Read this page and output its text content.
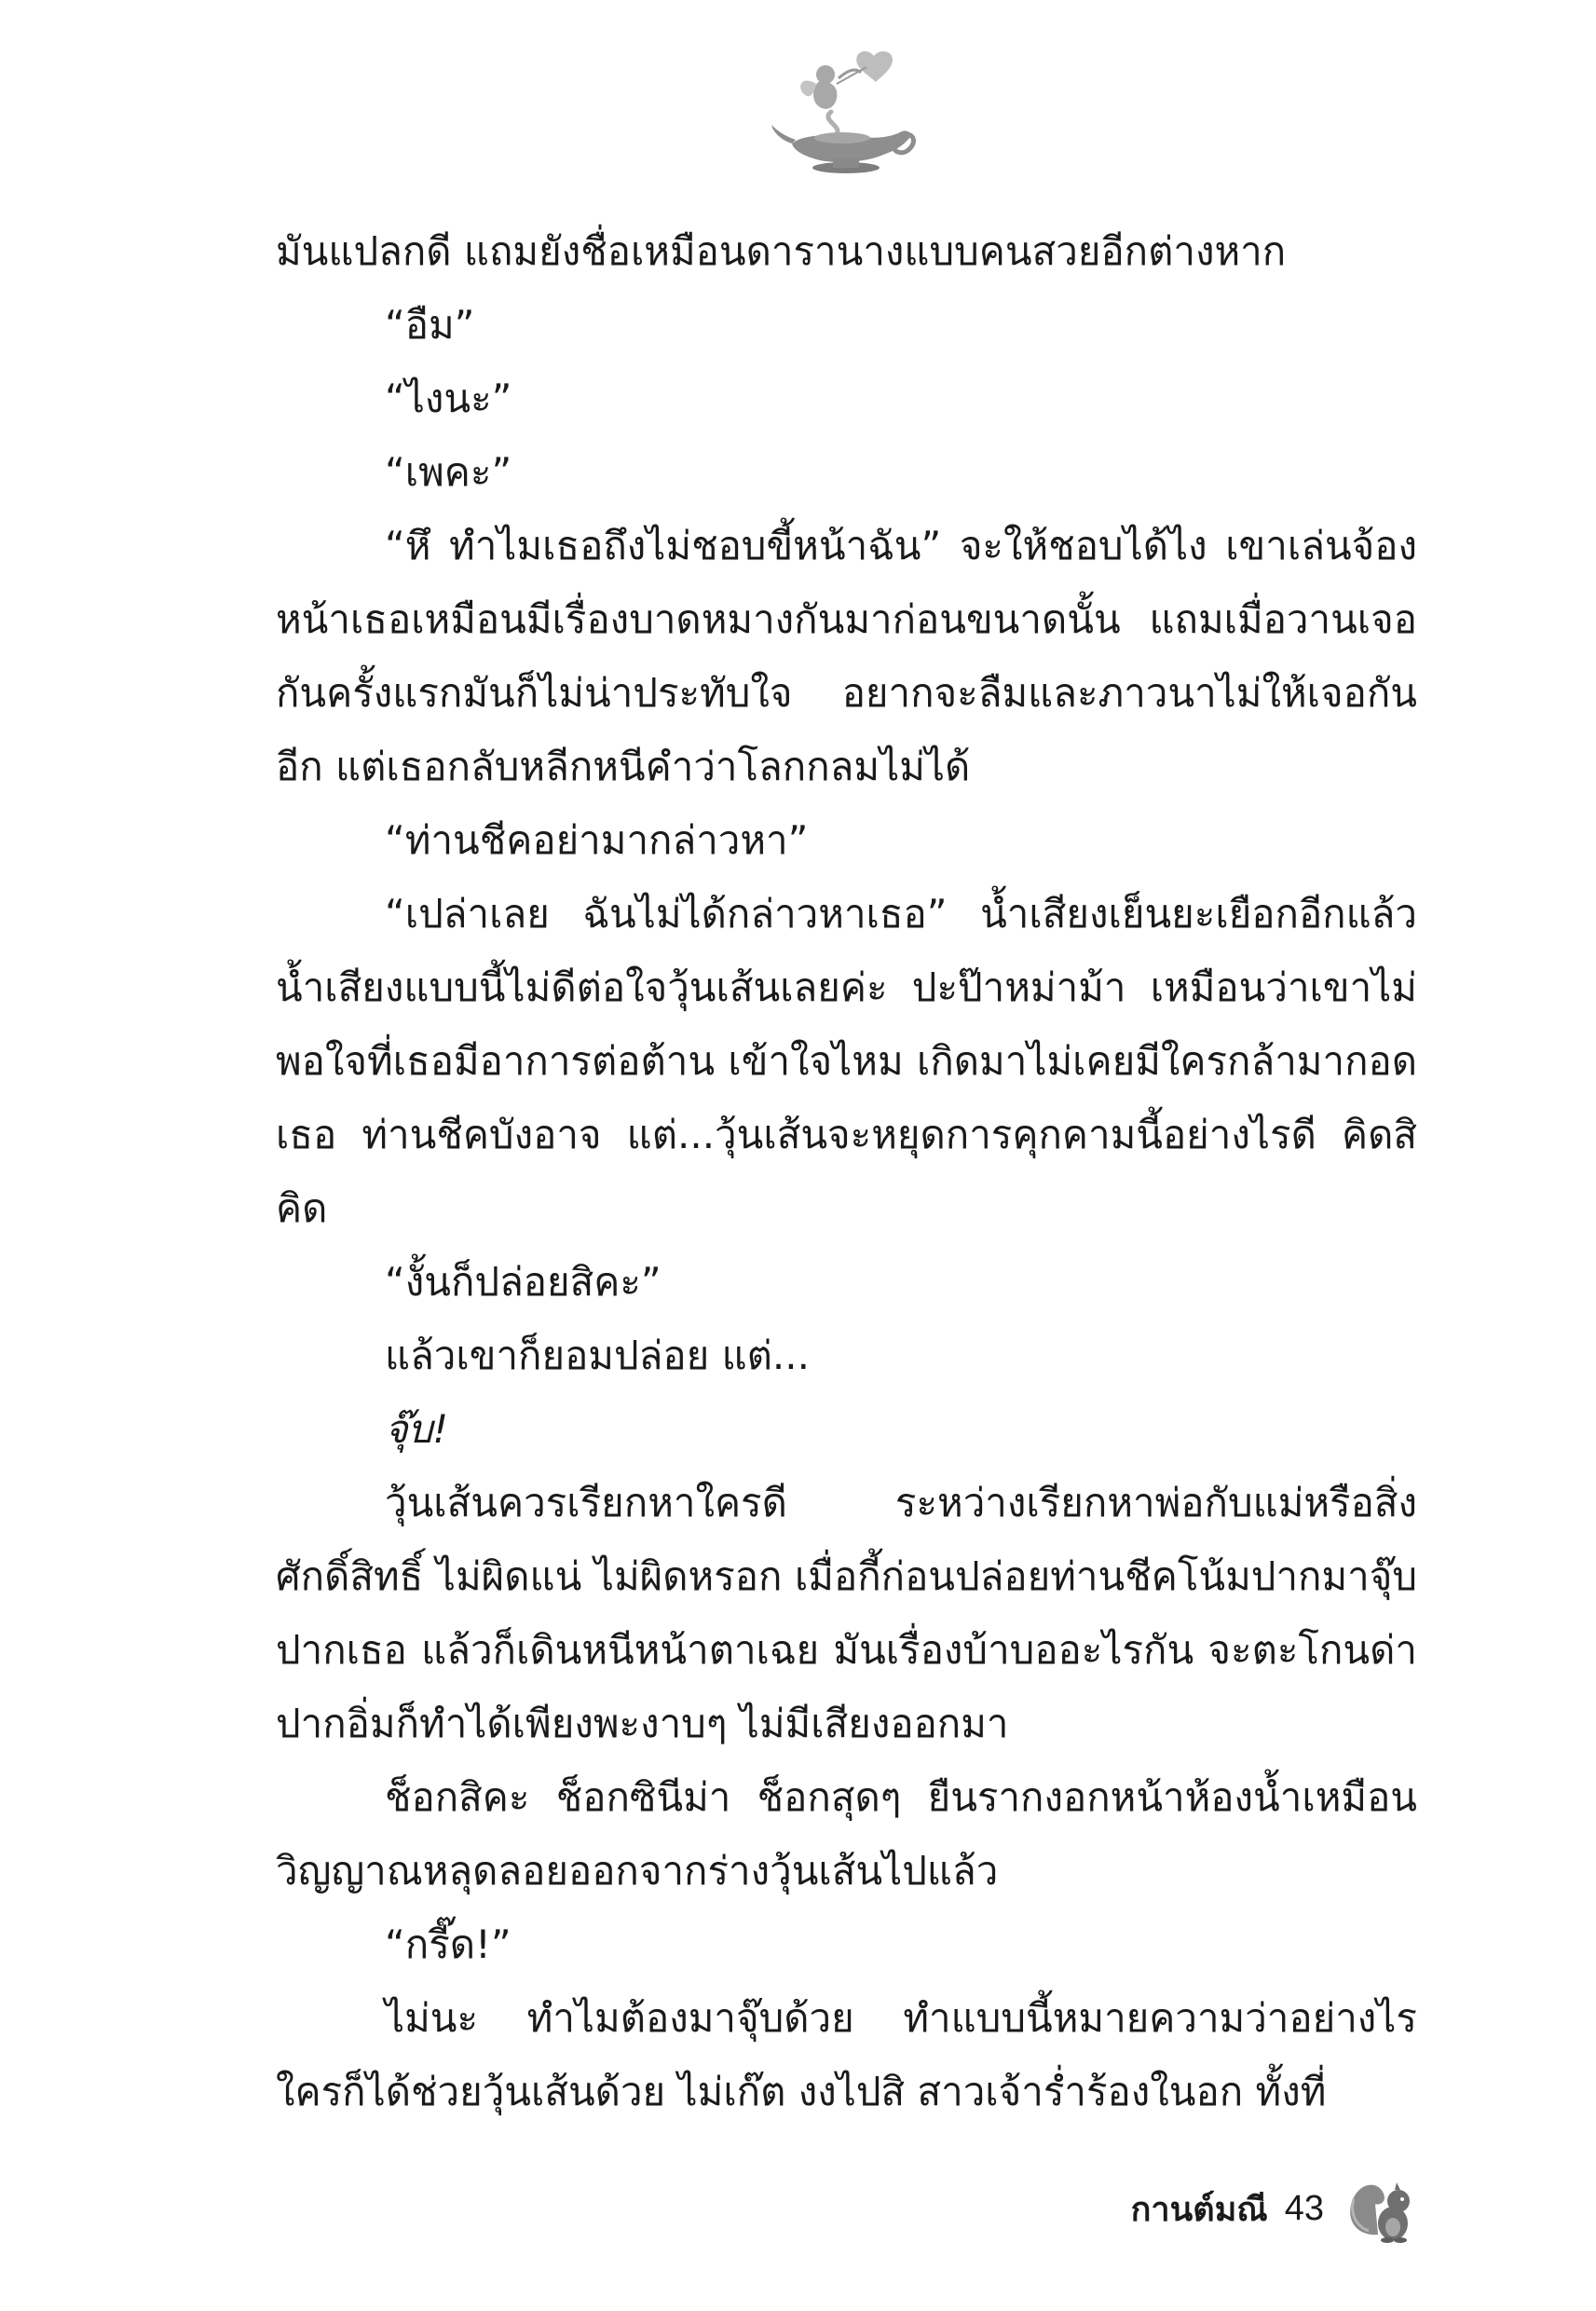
มันแปลกดี แถมยังชื่อเหมือนดารานางแบบคนสวยอีกต่างหาก

“อืม”

“ไงนะ”

“เพคะ”

“หึ ทำไมเธอถึงไม่ชอบขี้หน้าฉัน” จะให้ชอบได้ไง เขาเล่นจ้องหน้าเธอเหมือนมีเรื่องบาดหมางกันมาก่อนขนาดนั้น แถมเมื่อวานเจอกันครั้งแรกมันก็ไม่น่าประทับใจ อยากจะลืมและภาวนาไม่ให้เจอกันอีก แต่เธอกลับหลีกหนีคำว่าโลกกลมไม่ได้

“ท่านชีคอย่ามากล่าวหา”

“เปล่าเลย ฉันไม่ได้กล่าวหาเธอ” น้ำเสียงเย็นยะเยือกอีกแล้ว น้ำเสียงแบบนี้ไม่ดีต่อใจวุ้นเส้นเลยค่ะ ปะป๊าหม่าม้า เหมือนว่าเขาไม่พอใจที่เธอมีอาการต่อต้าน เข้าใจไหม เกิดมาไม่เคยมีใครกล้ามากอดเธอ ท่านชีคบังอาจ แต่...วุ้นเส้นจะหยุดการคุกคามนี้อย่างไรดี คิดสิคิด

“งั้นก็ปล่อยสิคะ”

แล้วเขาก็ยอมปล่อย แต่...

จุ๊บ!

วุ้นเส้นควรเรียกหาใครดี ระหว่างเรียกหาพ่อกับแม่หรือสิ่งศักดิ์สิทธิ์ ไม่ผิดแน่ ไม่ผิดหรอก เมื่อกี้ก่อนปล่อยท่านชีคโน้มปากมาจุ๊บปากเธอ แล้วก็เดินหนีหน้าตาเฉย มันเรื่องบ้าบออะไรกัน จะตะโกนด่าปากอิ่มก็ทำได้เพียงพะงาบๆ ไม่มีเสียงออกมา

ช็อกสิคะ ช็อกซินีม่า ช็อกสุดๆ ยืนรากงอกหน้าห้องน้ำเหมือนวิญญาณหลุดลอยออกจากร่างวุ้นเส้นไปแล้ว

“กรี๊ด!”

ไม่นะ ทำไมต้องมาจุ๊บด้วย ทำแบบนี้หมายความว่าอย่างไร ใครก็ได้ช่วยวุ้นเส้นด้วย ไม่เก๊ต งงไปสิ สาวเจ้าร่ำร้องในอก ทั้งที่

กานต์มณี 43
